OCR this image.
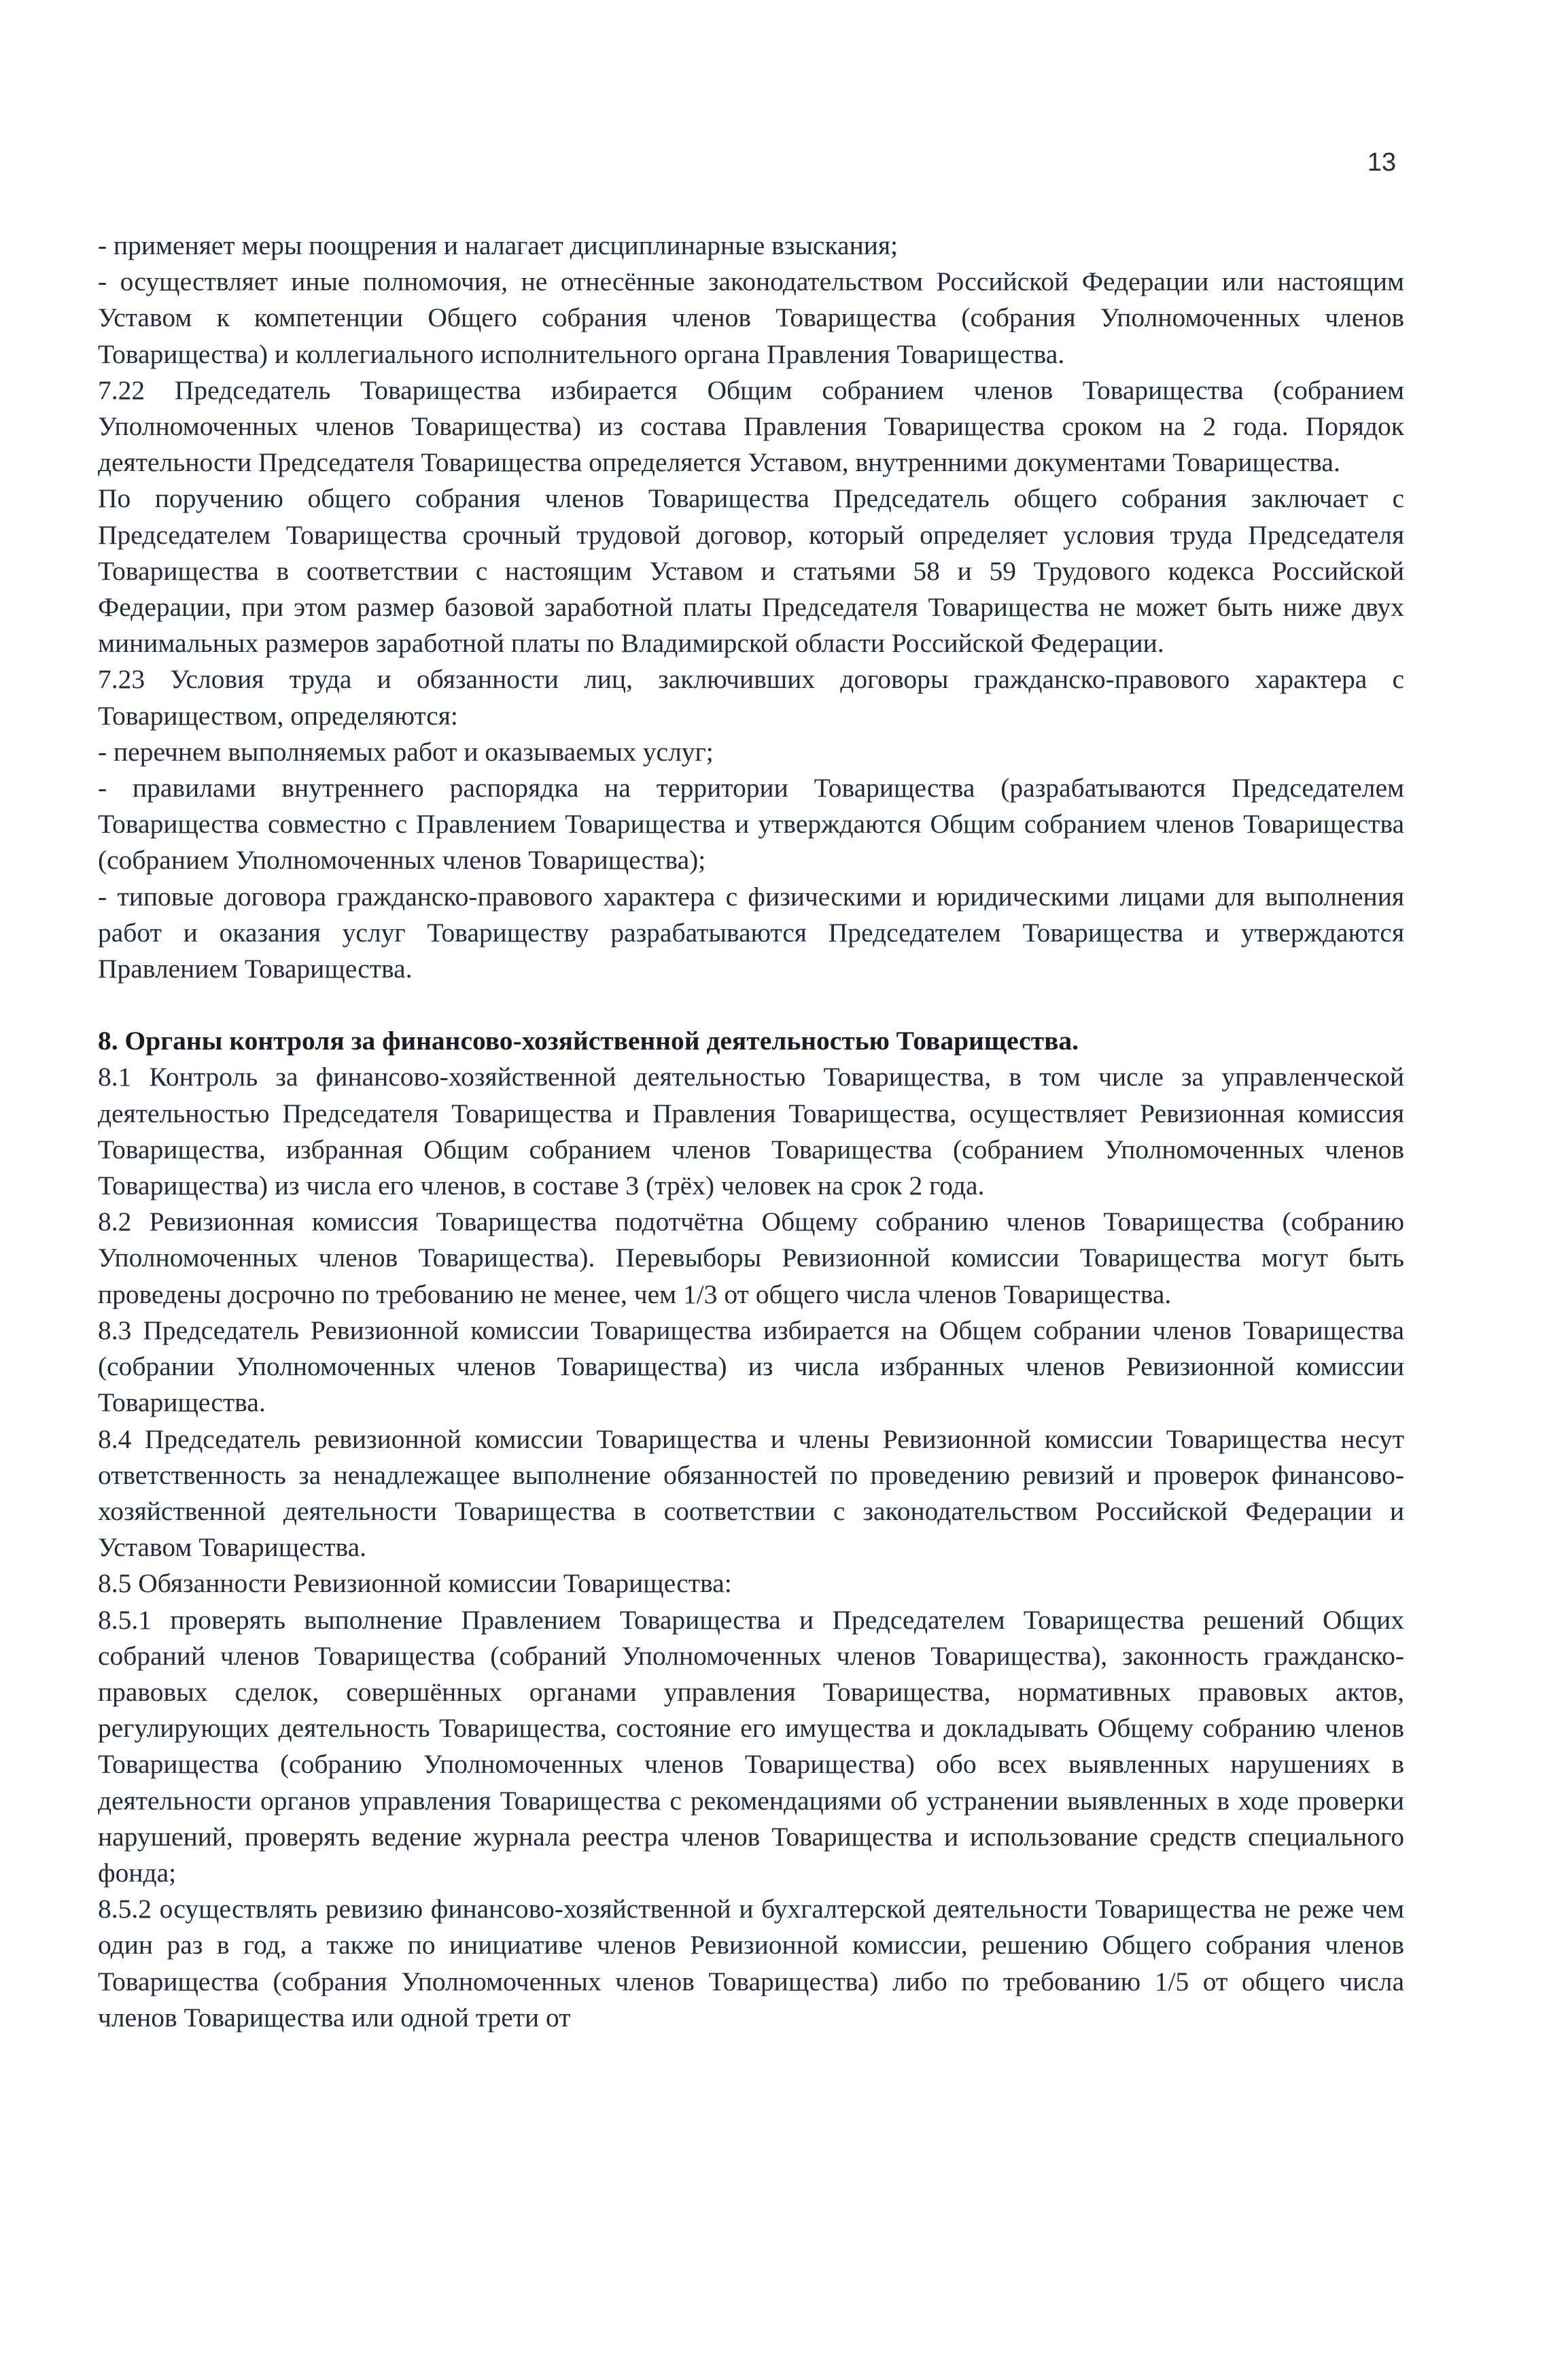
13

- применяет меры поощрения и налагает дисциплинарные взыскания;

- осуществляет иные полномочия, не отнесённые законодательством Российской Федерации или настоящим Уставом к компетенции Общего собрания членов Товарищества (собрания Уполномоченных членов Товарищества) и коллегиального исполнительного органа Правления Товарищества.

7.22 Председатель Товарищества избирается Общим собранием членов Товарищества (собранием Уполномоченных членов Товарищества) из состава Правления Товарищества сроком на 2 года. Порядок деятельности Председателя Товарищества определяется Уставом, внутренними документами Товарищества.

По поручению общего собрания членов Товарищества Председатель общего собрания заключает с Председателем Товарищества срочный трудовой договор, который определяет условия труда Председателя Товарищества в соответствии с настоящим Уставом и статьями 58 и 59 Трудового кодекса Российской Федерации, при этом размер базовой заработной платы Председателя Товарищества не может быть ниже двух минимальных размеров заработной платы по Владимирской области Российской Федерации.

7.23 Условия труда и обязанности лиц, заключивших договоры гражданско-правового характера с Товариществом, определяются:

- перечнем выполняемых работ и оказываемых услуг;

- правилами внутреннего распорядка на территории Товарищества (разрабатываются Председателем Товарищества совместно с Правлением Товарищества и утверждаются Общим собранием членов Товарищества (собранием Уполномоченных членов Товарищества);

- типовые договора гражданско-правового характера с физическими и юридическими лицами для выполнения работ и оказания услуг Товариществу разрабатываются Председателем Товарищества и утверждаются Правлением Товарищества.

8. Органы контроля за финансово-хозяйственной деятельностью Товарищества.

8.1 Контроль за финансово-хозяйственной деятельностью Товарищества, в том числе за управленческой деятельностью Председателя Товарищества и Правления Товарищества, осуществляет Ревизионная комиссия Товарищества, избранная Общим собранием членов Товарищества (собранием Уполномоченных членов Товарищества) из числа его членов, в составе 3 (трёх) человек на срок 2 года.

8.2 Ревизионная комиссия Товарищества подотчётна Общему собранию членов Товарищества (собранию Уполномоченных членов Товарищества). Перевыборы Ревизионной комиссии Товарищества могут быть проведены досрочно по требованию не менее, чем 1/3 от общего числа членов Товарищества.

8.3 Председатель Ревизионной комиссии Товарищества избирается на Общем собрании членов Товарищества (собрании Уполномоченных членов Товарищества) из числа избранных членов Ревизионной комиссии Товарищества.

8.4 Председатель ревизионной комиссии Товарищества и члены Ревизионной комиссии Товарищества несут ответственность за ненадлежащее выполнение обязанностей по проведению ревизий и проверок финансово-хозяйственной деятельности Товарищества в соответствии с законодательством Российской Федерации и Уставом Товарищества.

8.5 Обязанности Ревизионной комиссии Товарищества:

8.5.1 проверять выполнение Правлением Товарищества и Председателем Товарищества решений Общих собраний членов Товарищества (собраний Уполномоченных членов Товарищества), законность гражданско-правовых сделок, совершённых органами управления Товарищества, нормативных правовых актов, регулирующих деятельность Товарищества, состояние его имущества и докладывать Общему собранию членов Товарищества (собранию Уполномоченных членов Товарищества) обо всех выявленных нарушениях в деятельности органов управления Товарищества с рекомендациями об устранении выявленных в ходе проверки нарушений, проверять ведение журнала реестра членов Товарищества и использование средств специального фонда;

8.5.2 осуществлять ревизию финансово-хозяйственной и бухгалтерской деятельности Товарищества не реже чем один раз в год, а также по инициативе членов Ревизионной комиссии, решению Общего собрания членов Товарищества (собрания Уполномоченных членов Товарищества) либо по требованию 1/5 от общего числа членов Товарищества или одной трети от
